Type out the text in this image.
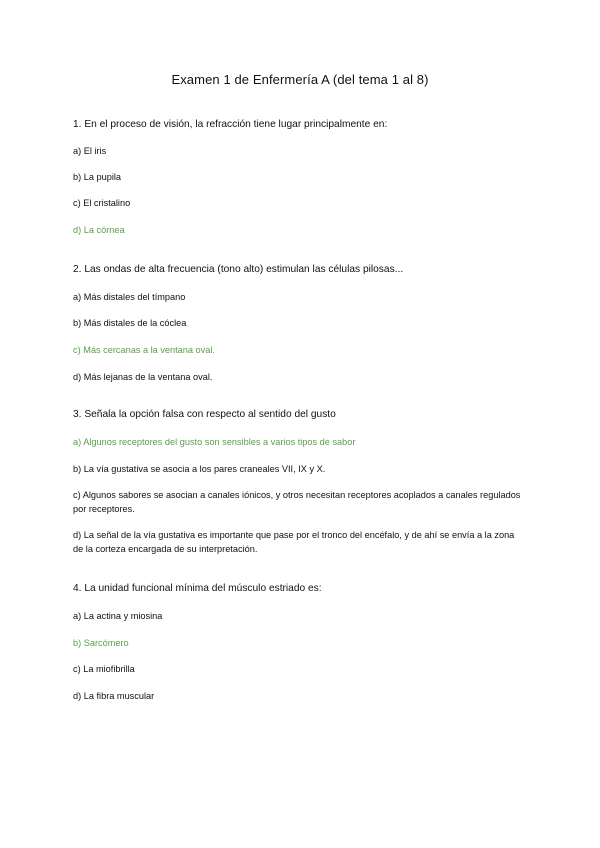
Examen 1 de Enfermería A (del tema 1 al 8)
1. En el proceso de visión, la refracción tiene lugar principalmente en:
a) El iris
b) La pupila
c) El cristalino
d) La córnea
2. Las ondas de alta frecuencia (tono alto) estimulan las células pilosas...
a) Más distales del tímpano
b) Más distales de la cóclea
c) Más cercanas a la ventana oval.
d) Más lejanas de la ventana oval.
3. Señala la opción falsa con respecto al sentido del gusto
a) Algunos receptores del gusto son sensibles a varios tipos de sabor
b) La vía gustativa se asocia a los pares craneales VII, IX y X.
c) Algunos sabores se asocian a canales iónicos, y otros necesitan receptores acoplados a canales regulados por receptores.
d) La señal de la vía gustativa es importante que pase por el tronco del encéfalo, y de ahí se envía a la zona de la corteza encargada de su interpretación.
4. La unidad funcional mínima del músculo estriado es:
a) La actina y miosina
b) Sarcómero
c) La miofibrilla
d) La fibra muscular
